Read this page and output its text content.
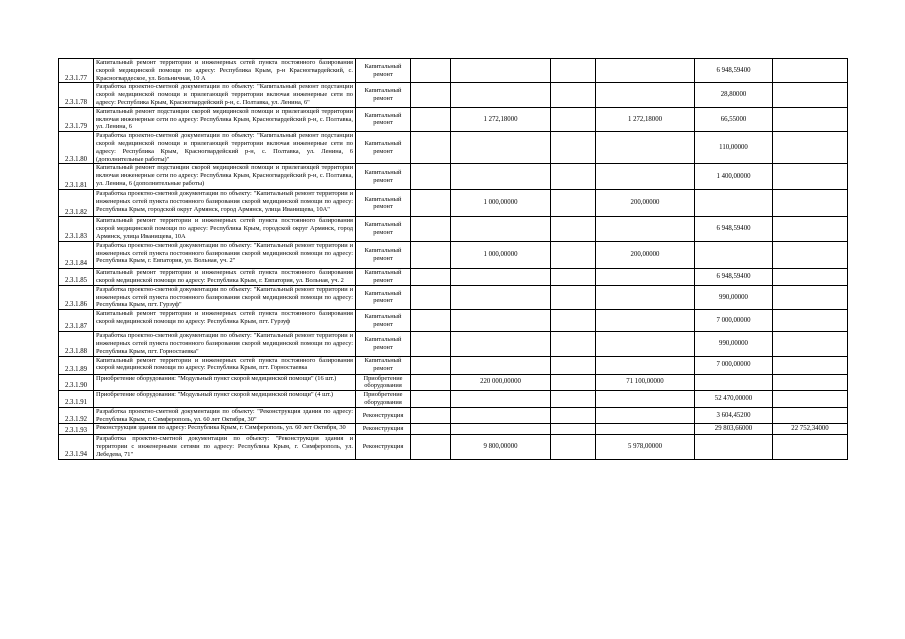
2.3.1.77	Капитальный ремонт территории и инженерных сетей пункта постоянного базирования скорой медицинской помощи по адресу: Республика Крым, р-н Красногвардейский, с. Красногвардеское, ул. Больничная, 10 А	Капитальный ремонт					6 948,59400	
2.3.1.78	Разработка проектно-сметной документации по объекту: "Капитальный ремонт подстанции скорой медицинской помощи и прилегающей территории включая инженерные сети по адресу: Республика Крым, Красногвардейский р-н, с. Полтавка, ул. Ленина, 6"	Капитальный ремонт					28,80000	
2.3.1.79	Капитальный ремонт подстанции скорой медицинской помощи и прилегающей территории включая инженерные сети по адресу: Республика Крым, Красногвардейский р-н, с. Полтавка, ул. Ленина, 6	Капитальный ремонт		1 272,18000		1 272,18000	66,55000	
2.3.1.80	Разработка проектно-сметной документации по объекту: "Капитальный ремонт подстанции скорой медицинской помощи и прилегающей территории включая инженерные сети по адресу: Республика Крым, Красногвардейский р-н, с. Полтавка, ул. Ленина, 6 (дополнительные работы)"	Капитальный ремонт					110,00000	
2.3.1.81	Капитальный ремонт подстанции скорой медицинской помощи и прилегающей территории включая инженерные сети по адресу: Республика Крым, Красногвардейский р-н, с. Полтавка, ул. Ленина, 6 (дополнительные работы)	Капитальный ремонт					1 400,00000	
2.3.1.82	Разработка проектно-сметной документации по объекту: "Капитальный ремонт территории и инженерных сетей пункта постоянного базирования скорой медицинской помощи по адресу: Республика Крым, городской округ Армянск, город Армянск, улица Иванищева, 10А"	Капитальный ремонт		1 000,00000		200,00000		
2.3.1.83	Капитальный ремонт территории и инженерных сетей пункта постоянного базирования скорой медицинской помощи по адресу: Республика Крым, городской округ Армянск, город Армянск, улица Иванищева, 10А	Капитальный ремонт					6 948,59400	
2.3.1.84	Разработка проектно-сметной документации по объекту: "Капитальный ремонт территории и инженерных сетей пункта постоянного базирования скорой медицинской помощи по адресу: Республика Крым, г. Евпатория, ул. Вольная, уч. 2"	Капитальный ремонт		1 000,00000		200,00000		
2.3.1.85	Капитальный ремонт территории и инженерных сетей пункта постоянного базирования скорой медицинской помощи по адресу: Республика Крым, г. Евпатория, ул. Вольная, уч. 2	Капитальный ремонт					6 948,59400	
2.3.1.86	Разработка проектно-сметной документации по объекту: "Капитальный ремонт территории и инженерных сетей пункта постоянного базирования скорой медицинской помощи по адресу: Республика Крым, пгт. Гурзуф"	Капитальный ремонт					990,00000	
2.3.1.87	Капитальный ремонт территории и инженерных сетей пункта постоянного базирования скорой медицинской помощи по адресу: Республика Крым, пгт. Гурзуф	Капитальный ремонт					7 000,00000	
2.3.1.88	Разработка проектно-сметной документации по объекту: "Капитальный ремонт территории и инженерных сетей пункта постоянного базирования скорой медицинской помощи по адресу: Республика Крым, пгт. Горностаевка"	Капитальный ремонт					990,00000	
2.3.1.89	Капитальный ремонт территории и инженерных сетей пункта постоянного базирования скорой медицинской помощи по адресу: Республика Крым, пгт. Горностаевка	Капитальный ремонт					7 000,00000	
2.3.1.90	Приобретение оборудования: "Модульный пункт скорой медицинской помощи" (16 шт.)	Приобретение оборудования		220 000,00000		71 100,00000		
2.3.1.91	Приобретение оборудования: "Модульный пункт скорой медицинской помощи" (4 шт.)	Приобретение оборудования					52 470,00000	
2.3.1.92	Разработка проектно-сметной документации по объекту: "Реконструкция здания по адресу: Республика Крым, г. Симферополь, ул. 60 лет Октября, 30"	Реконструкция					3 604,45200	
2.3.1.93	Реконструкция здания по адресу: Республика Крым, г. Симферополь, ул. 60 лет Октября, 30	Реконструкция					29 803,66000	22 752,34000
2.3.1.94	Разработка проектно-сметной документации по объекту: "Реконструкция здания и территории с инженерными сетями по адресу: Республика Крым, г. Симферополь, ул. Лебедева, 71"	Реконструкция		9 800,00000		5 978,00000		
